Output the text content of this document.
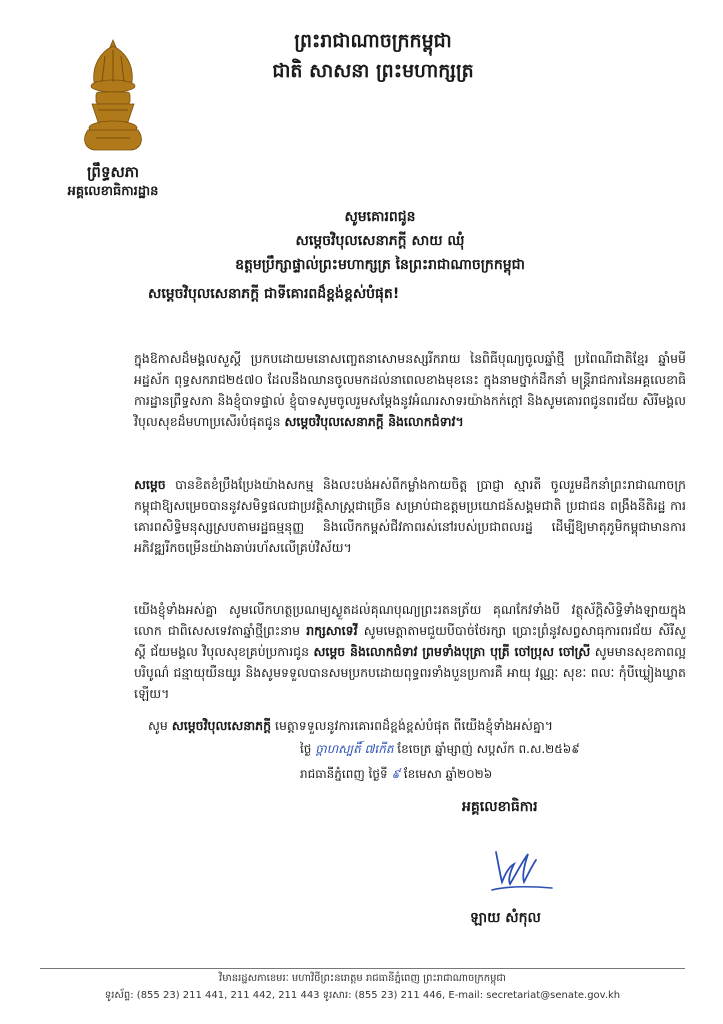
ព្រឹទ្ធសភា
អគ្គលេខាធិការដ្ឋាន
ព្រះរាជាណាចក្រកម្ពុជា
ជាតិ សាសនា ព្រះមហាក្សត្រ
សូមគោរពជូន
សម្តេចវិបុលសេនាភក្តី សាយ ឈុំ
ឧត្តមប្រឹក្សាផ្ទាល់ព្រះមហាក្សត្រ នៃព្រះរាជាណាចក្រកម្ពុជា
សម្តេចវិបុលសេនាភក្តី ជាទីគោរពដ៏ខ្ពង់ខ្ពស់បំផុត!
ក្នុងឱកាសដ៏មង្គលសួស្តី ប្រកបដោយមនោសញ្ចេតនាសោមនស្សរីករាយ នៃពិធីបុណ្យចូលឆ្នាំថ្មី ប្រពៃណីជាតិខ្មែរ ឆ្នាំមមី អដ្ឋស័ក ពុទ្ធសករាជ២៥៧០ ដែលនឹងឈានចូលមកដល់នាពេលខាងមុខនេះ ក្នុងនាមថ្នាក់ដឹកនាំ មន្ត្រីរាជការនៃអគ្គលេខាធិការដ្ឋានព្រឹទ្ធសភា និងខ្ញុំបាទផ្ទាល់ ខ្ញុំបាទសូមចូលរួមសម្តែងនូវអំណរសាទរយ៉ាងកក់ក្តៅ និងសូមគោរពជូនពរជ័យ សិរីមង្គល វិបុលសុខដ៏មហាប្រសើរបំផុតជូន សម្តេចវិបុលសេនាភក្តី និងលោកជំទាវ។
សម្តេច បានខិតខំប្រឹងប្រែងយ៉ាងសកម្ម និងលះបង់អស់ពីកម្លាំងកាយចិត្ត ប្រាជ្ញា ស្មារតី ចូលរួមដឹកនាំព្រះរាជាណាចក្រកម្ពុជាឱ្យសម្រេចបាននូវសមិទ្ធផលជាប្រវត្តិសាស្ត្រជាច្រើន សម្រាប់ជាឧត្តមប្រយោជន៍សង្គមជាតិ ប្រជាជន ពង្រឹងនីតិរដ្ឋ ការគោរពសិទ្ធិមនុស្សស្របតាមរដ្ឋធម្មនុញ្ញ និងលើកកម្ពស់ជីវភាពរស់នៅរបស់ប្រជាពលរដ្ឋ ដើម្បីឱ្យមាតុភូមិកម្ពុជាមានការអភិវឌ្ឍរីកចម្រើនយ៉ាងឆាប់រហ័សលើគ្រប់វិស័យ។
យើងខ្ញុំទាំងអស់គ្នា សូមលើកហត្ថប្រណម្យស្ងួតដល់គុណបុណ្យព្រះរតនត្រ័យ គុណកែវទាំងបី វត្ថុស័ក្តិសិទ្ធិទាំងឡាយក្នុងលោក ជាពិសេសទេវតាឆ្នាំថ្មីព្រះនាម រាក្សសាទេវី សូមមេត្តាតាមជួយបីបាច់ថែរក្សា ប្រោះព្រំនូវសព្វសាធុការពរជ័យ សិរីសួស្តី ជ័យមង្គល វិបុលសុខគ្រប់ប្រការជូន សម្តេច និងលោកជំទាវ ព្រមទាំងបុត្រា បុត្រី ចៅប្រុស ចៅស្រី សូមមានសុខភាពល្អ បរិបូណ៌ ជន្មាយុយឺនយូរ និងសូមទទួលបានសមប្រកបដោយពុទ្ធពរទាំងបួនប្រការគឺ អាយុ វណ្ណៈ សុខៈ ពលៈ កុំបីឃ្លៀងឃ្លាតឡើយ។
សូម សម្តេចវិបុលសេនាភក្តី មេត្តាទទួលនូវការគោរពដ៏ខ្ពង់ខ្ពស់បំផុត ពីយើងខ្ញុំទាំងអស់គ្នា។
ថ្ងៃ ច្ពាហស្បតិ៍ ៧កើត ខែចេត្រ ឆ្នាំម្សាញ់ សប្តស័ក ព.ស.២៥៦៩
រាជធានីភ្នំពេញ ថ្ងៃទី ៩ ខែមេសា ឆ្នាំ២០២៦
អគ្គលេខាធិការ
ឡាយ សំកុល
វិមានរដ្ឋសភាខេមរៈ មហាវិថីព្រះនរោត្តម រាជធានីភ្នំពេញ ព្រះរាជាណាចក្រកម្ពុជា
ទូរស័ព្ទ: (855 23) 211 441, 211 442, 211 443 ទូរសារ: (855 23) 211 446, E-mail: secretariat@senate.gov.kh
